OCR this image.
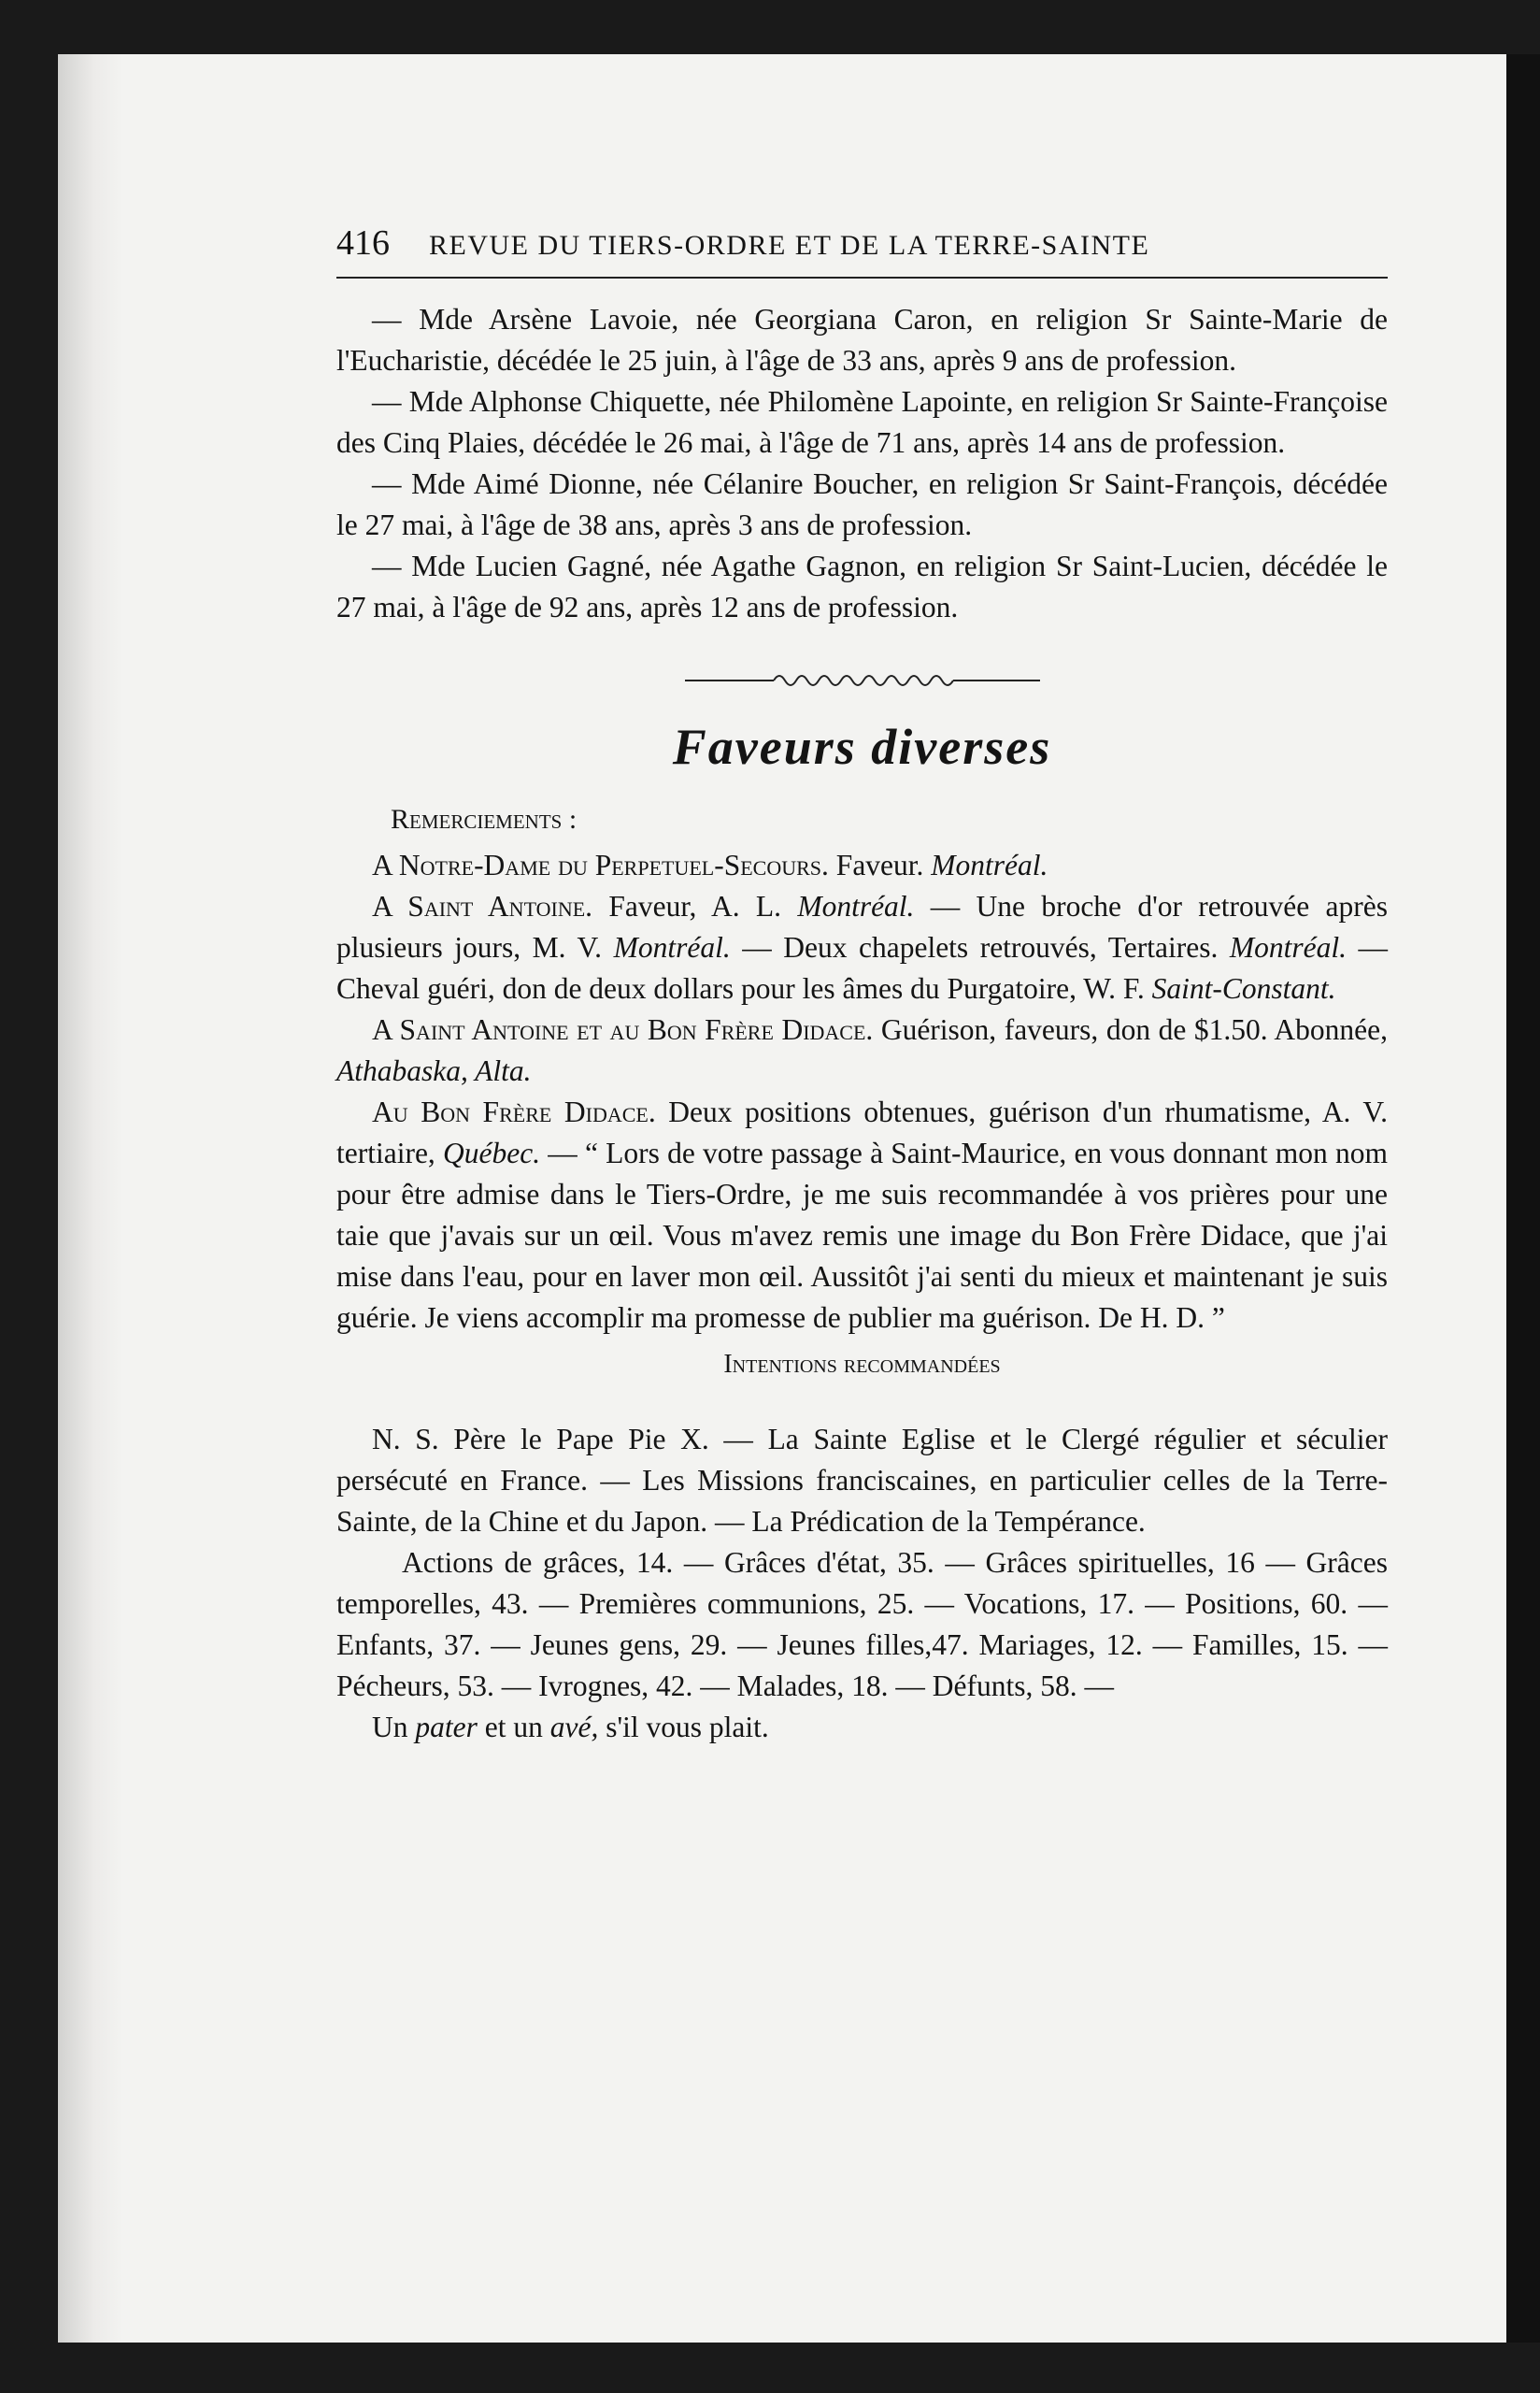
416 REVUE DU TIERS-ORDRE ET DE LA TERRE-SAINTE

— Mde Arsène Lavoie, née Georgiana Caron, en religion Sr Sainte-Marie de l'Eucharistie, décédée le 25 juin, à l'âge de 33 ans, après 9 ans de profession.

— Mde Alphonse Chiquette, née Philomène Lapointe, en religion Sr Sainte-Françoise des Cinq Plaies, décédée le 26 mai, à l'âge de 71 ans, après 14 ans de profession.

— Mde Aimé Dionne, née Célanire Boucher, en religion Sr Saint-François, décédée le 27 mai, à l'âge de 38 ans, après 3 ans de profession.

— Mde Lucien Gagné, née Agathe Gagnon, en religion Sr Saint-Lucien, décédée le 27 mai, à l'âge de 92 ans, après 12 ans de profession.

Faveurs diverses
Remerciements :

A Notre-Dame du Perpetuel-Secours. Faveur. Montréal.

A Saint Antoine. Faveur, A. L. Montréal. — Une broche d'or retrouvée après plusieurs jours, M. V. Montréal. — Deux chapelets retrouvés, Tertaires. Montréal. — Cheval guéri, don de deux dollars pour les âmes du Purgatoire, W. F. Saint-Constant.

A Saint Antoine et au Bon Frère Didace. Guérison, faveurs, don de $1.50. Abonnée, Athabaska, Alta.

Au Bon Frère Didace. Deux positions obtenues, guérison d'un rhumatisme, A. V. tertiaire, Québec. — “ Lors de votre passage à Saint-Maurice, en vous donnant mon nom pour être admise dans le Tiers-Ordre, je me suis recommandée à vos prières pour une taie que j'avais sur un œil. Vous m'avez remis une image du Bon Frère Didace, que j'ai mise dans l'eau, pour en laver mon œil. Aussitôt j'ai senti du mieux et maintenant je suis guérie. Je viens accomplir ma promesse de publier ma guérison. De H. D. ”

Intentions recommandées

N. S. Père le Pape Pie X. — La Sainte Eglise et le Clergé régulier et séculier persécuté en France. — Les Missions franciscaines, en particulier celles de la Terre-Sainte, de la Chine et du Japon. — La Prédication de la Tempérance.

Actions de grâces, 14. — Grâces d'état, 35. — Grâces spirituelles, 16 — Grâces temporelles, 43. — Premières communions, 25. — Vocations, 17. — Positions, 60. — Enfants, 37. — Jeunes gens, 29. — Jeunes filles,47. Mariages, 12. — Familles, 15. — Pécheurs, 53. — Ivrognes, 42. — Malades, 18. — Défunts, 58. —

Un pater et un avé, s'il vous plait.
